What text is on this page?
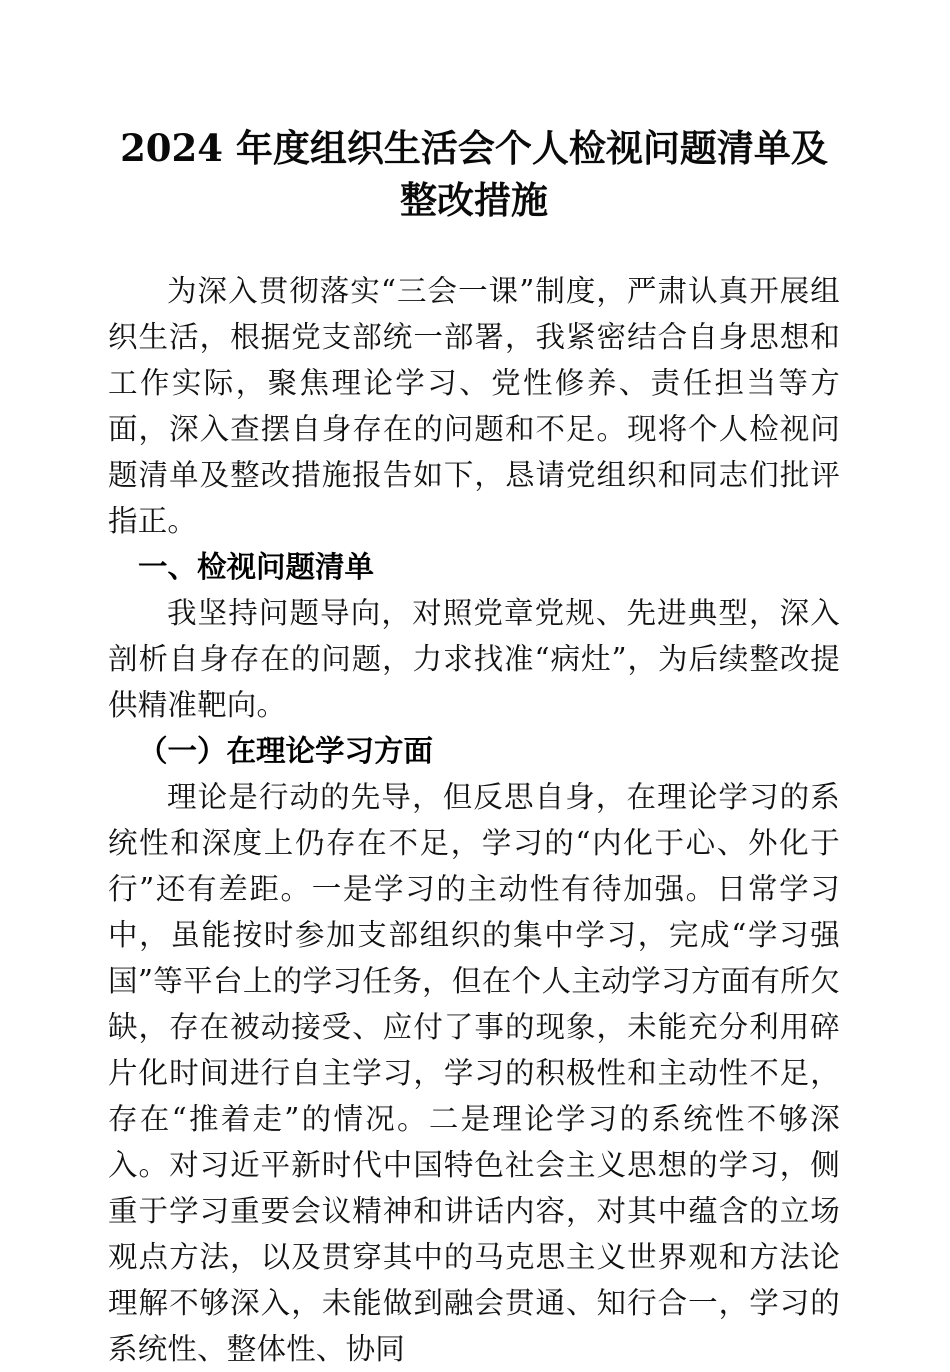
2024 年度组织生活会个人检视问题清单及整改措施

为深入贯彻落实“三会一课”制度，严肃认真开展组织生活，根据党支部统一部署，我紧密结合自身思想和工作实际，聚焦理论学习、党性修养、责任担当等方面，深入查摆自身存在的问题和不足。现将个人检视问题清单及整改措施报告如下，恳请党组织和同志们批评指正。

一、检视问题清单

我坚持问题导向，对照党章党规、先进典型，深入剖析自身存在的问题，力求找准“病灶”，为后续整改提供精准靶向。

（一）在理论学习方面

理论是行动的先导，但反思自身，在理论学习的系统性和深度上仍存在不足，学习的“内化于心、外化于行”还有差距。一是学习的主动性有待加强。日常学习中，虽能按时参加支部组织的集中学习，完成“学习强国”等平台上的学习任务，但在个人主动学习方面有所欠缺，存在被动接受、应付了事的现象，未能充分利用碎片化时间进行自主学习，学习的积极性和主动性不足，存在“推着走”的情况。二是理论学习的系统性不够深入。对习近平新时代中国特色社会主义思想的学习，侧重于学习重要会议精神和讲话内容，对其中蕴含的立场观点方法，以及贯穿其中的马克思主义世界观和方法论理解不够深入，未能做到融会贯通、知行合一，学习的系统性、整体性、协同
